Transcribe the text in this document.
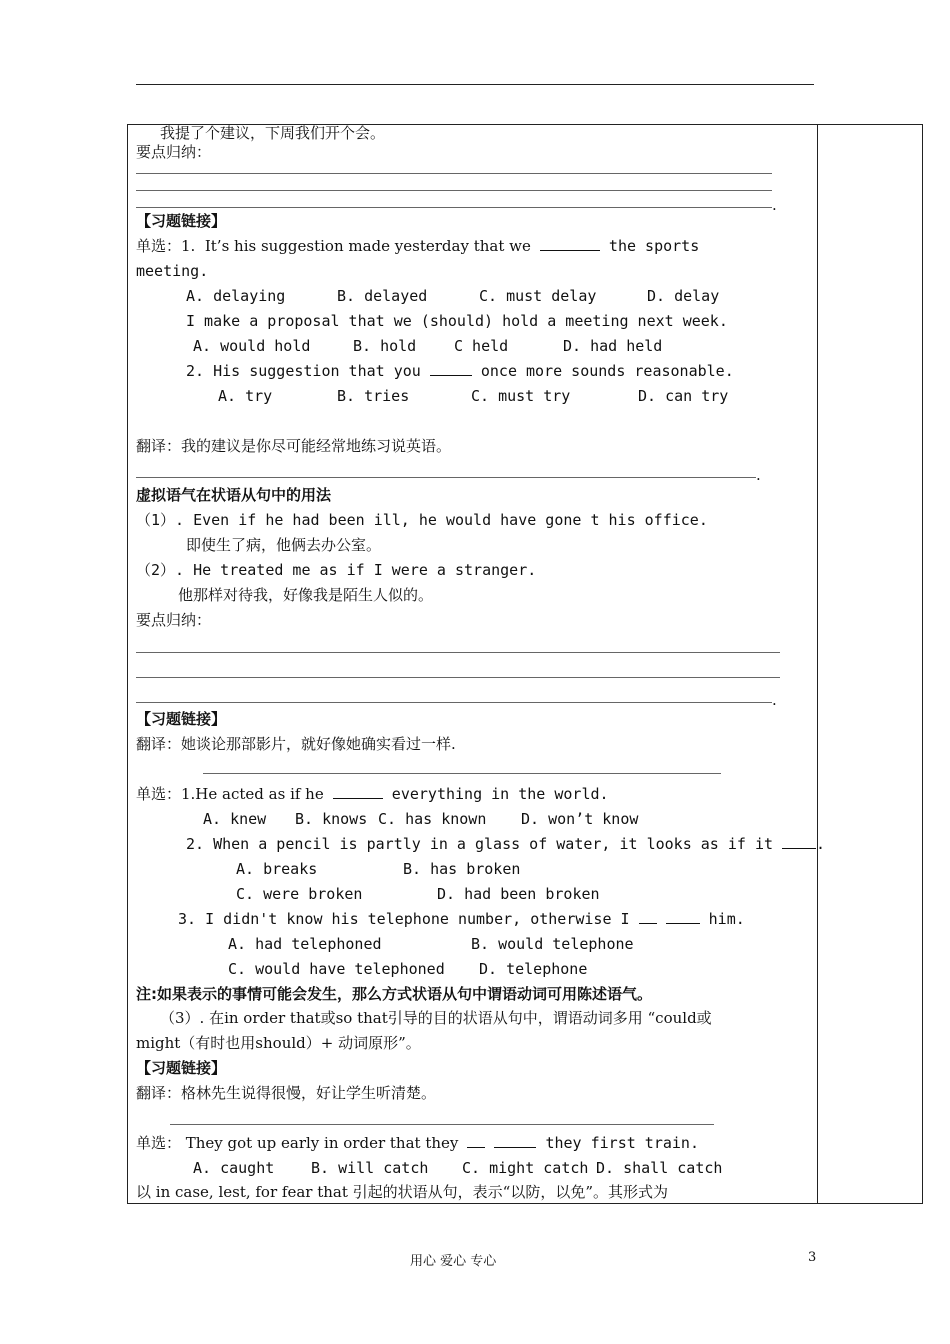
我提了个建议，下周我们开个会。
要点归纳：
.
【习题链接】
单选：1.  It’s his suggestion made yesterday that we	the sports
meeting.
A. delaying	B. delayed	C. must delay	D. delay
I make a proposal that we (should) hold a meeting next week.
A. would hold	B. hold	C held	D. had held
2. His suggestion that you	once more sounds reasonable.
A. try	B. tries	C. must try	D. can try
翻译：我的建议是你尽可能经常地练习说英语。
.
虚拟语气在状语从句中的用法
（1）. Even if he had been ill, he would have gone t his office.
即使生了病，他俩去办公室。
（2）. He treated me as if I were a stranger.
他那样对待我，好像我是陌生人似的。
要点归纳：
.
【习题链接】
翻译：她谈论那部影片，就好像她确实看过一样.
单选：1.He acted as if he	everything in the world.
A. knew B. knows C. has known D. won’t know
2. When a pencil is partly in a glass of water, it looks as if it	.
A. breaks	B. has broken
C. were broken	D. had been broken
3. I didn't know his telephone number, otherwise I	him.
A. had telephoned	B. would telephone
C. would have telephoned D. telephone
注:如果表示的事情可能会发生，那么方式状语从句中谓语动词可用陈述语气。
（3）. 在in order that或so that引导的目的状语从句中，谓语动词多用 “could或
might（有时也用should）+ 动词原形”。
【习题链接】
翻译：格林先生说得很慢，好让学生听清楚。
单选： They got up early in order that they	they first train.
A. caught B. will catch C. might catch D. shall catch
以 in case, lest, for fear that 引起的状语从句，表示“以防，以免”。其形式为
用心 爱心 专心	3
